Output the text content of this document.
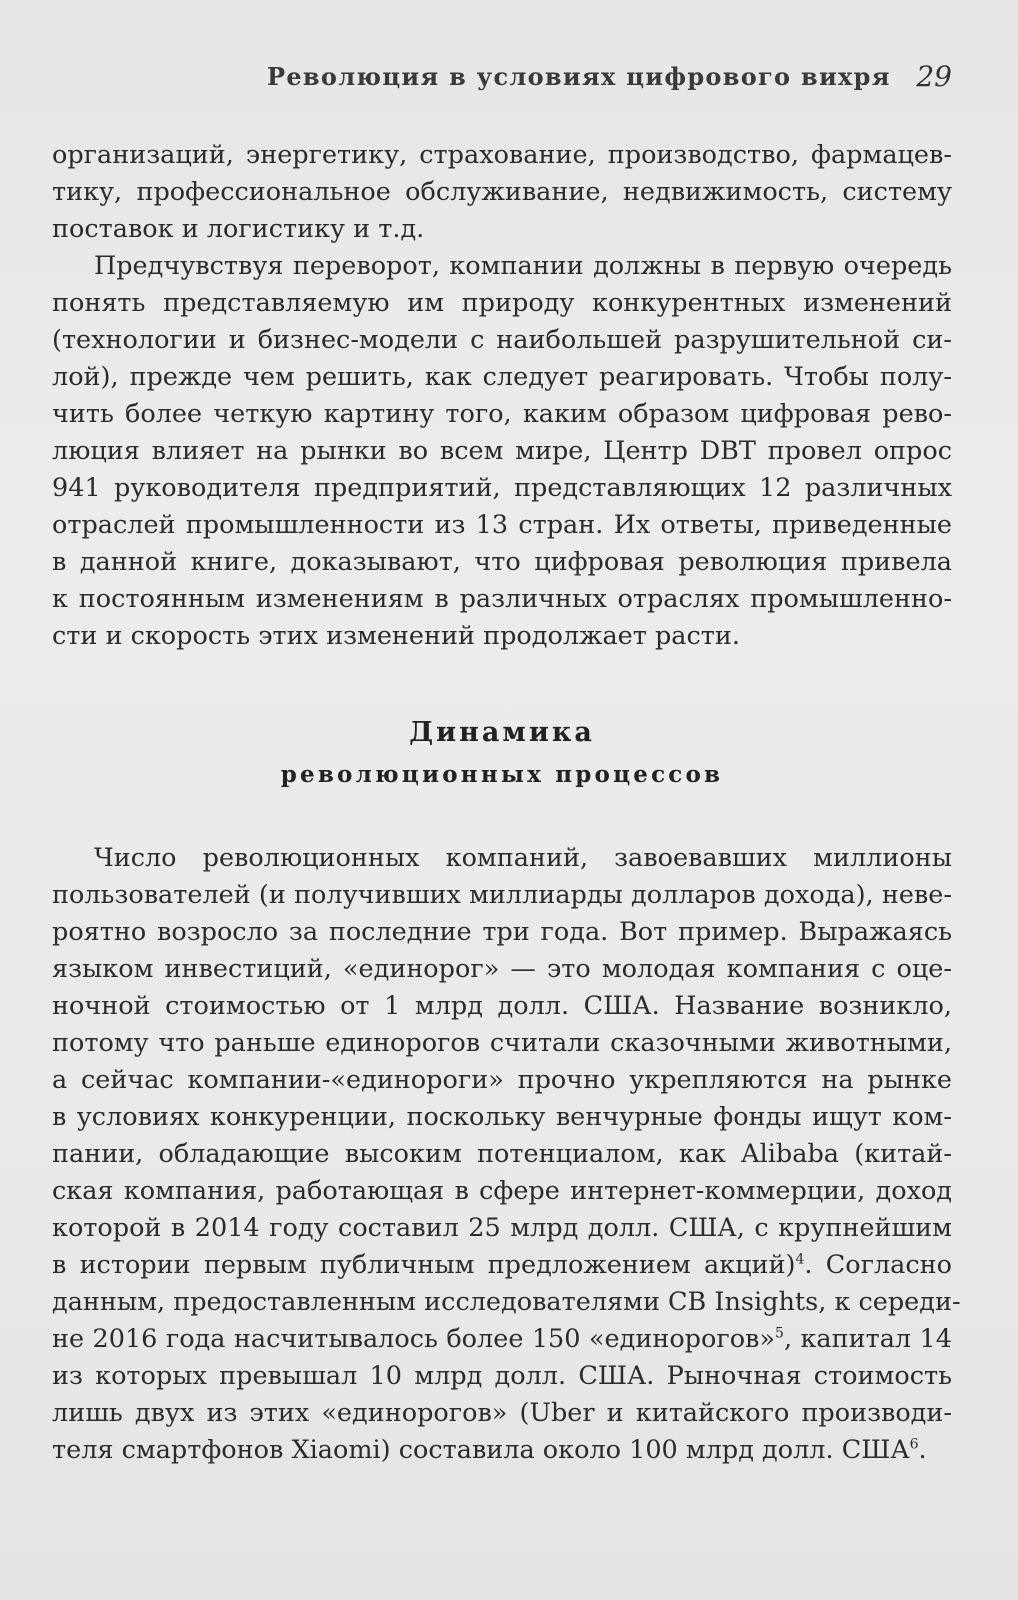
Революция в условиях цифрового вихря 29
организаций, энергетику, страхование, производство, фармацев-
тику, профессиональное обслуживание, недвижимость, систему
поставок и логистику и т.д.
Предчувствуя переворот, компании должны в первую очередь
понять представляемую им природу конкурентных изменений
(технологии и бизнес-модели с наибольшей разрушительной си-
лой), прежде чем решить, как следует реагировать. Чтобы полу-
чить более четкую картину того, каким образом цифровая рево-
люция влияет на рынки во всем мире, Центр DBT провел опрос
941 руководителя предприятий, представляющих 12 различных
отраслей промышленности из 13 стран. Их ответы, приведенные
в данной книге, доказывают, что цифровая революция привела
к постоянным изменениям в различных отраслях промышленно-
сти и скорость этих изменений продолжает расти.
Динамика
революционных процессов
Число революционных компаний, завоевавших миллионы
пользователей (и получивших миллиарды долларов дохода), неве-
роятно возросло за последние три года. Вот пример. Выражаясь
языком инвестиций, «единорог» — это молодая компания с оце-
ночной стоимостью от 1 млрд долл. США. Название возникло,
потому что раньше единорогов считали сказочными животными,
а сейчас компании-«единороги» прочно укрепляются на рынке
в условиях конкуренции, поскольку венчурные фонды ищут ком-
пании, обладающие высоким потенциалом, как Alibaba (китай-
ская компания, работающая в сфере интернет-коммерции, доход
которой в 2014 году составил 25 млрд долл. США, с крупнейшим
в истории первым публичным предложением акций)$^4$. Согласно
данным, предоставленным исследователями CB Insights, к середи-
не 2016 года насчитывалось более 150 «единорогов»$^5$, капитал 14
из которых превышал 10 млрд долл. США. Рыночная стоимость
лишь двух из этих «единорогов» (Uber и китайского производи-
теля смартфонов Xiaomi) составила около 100 млрд долл. США$^6$.
